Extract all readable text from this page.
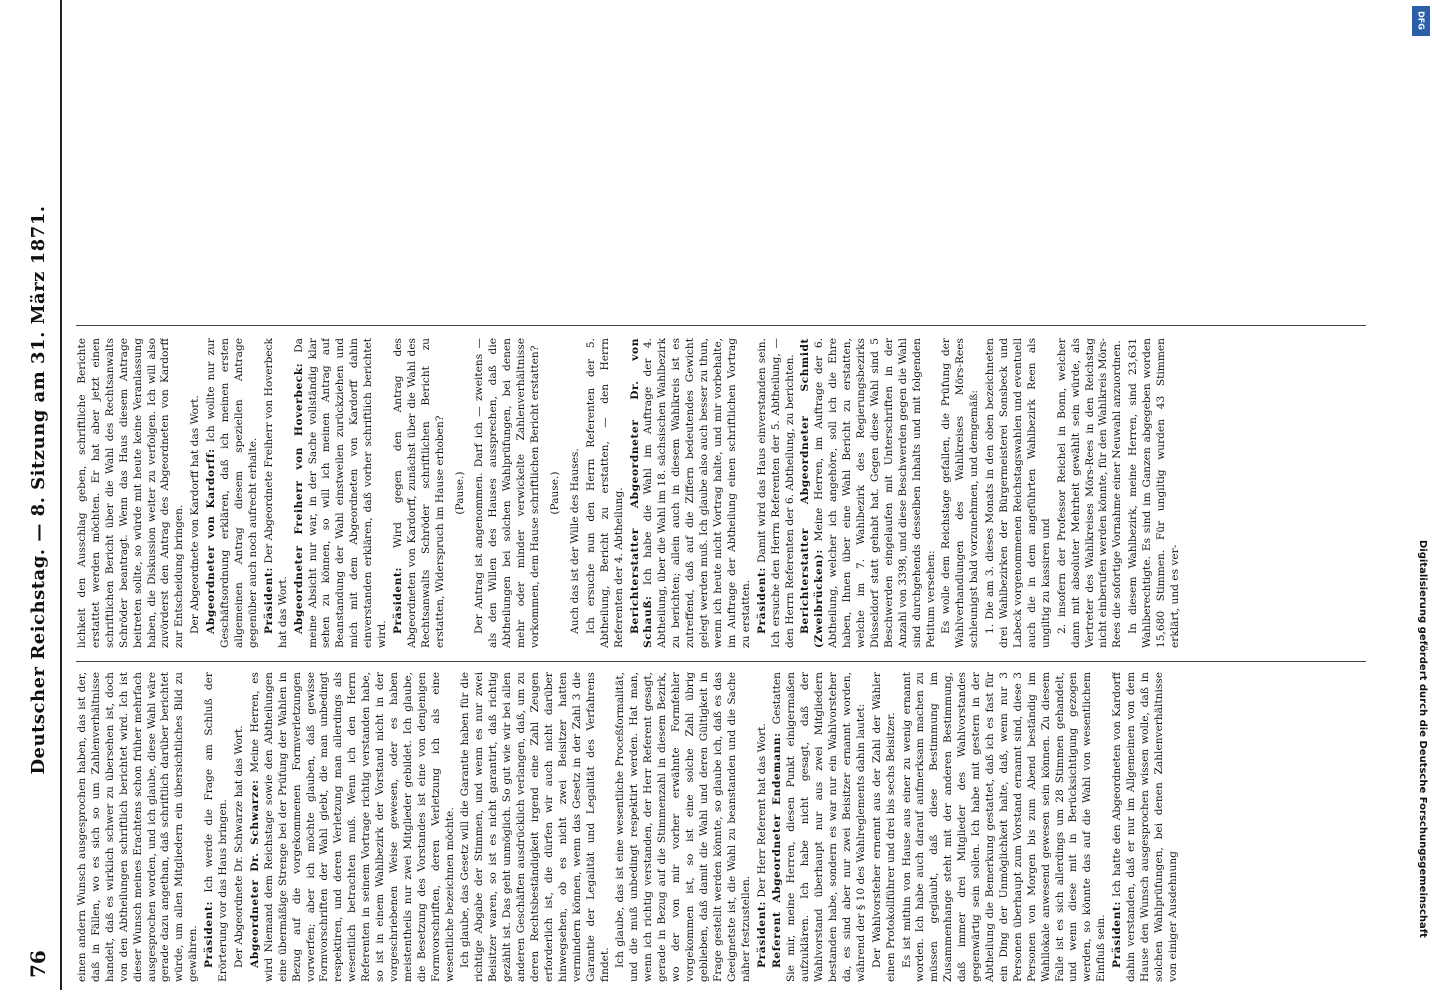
76
Deutscher Reichstag. — 8. Sitzung am 31. März 1871.

einen andern Wunsch ausgesprochen haben, das ist der, daß in Fällen, wo es sich so um Zahlenverhältnisse handelt, daß es wirklich schwer zu übersehen ist, doch von den Abtheilungen schriftlich berichtet wird. Ich ist dieser Wunsch meines Erachtens schon früher mehrfach ausgesprochen worden, und ich glaube, diese Wahl wäre gerade dazu angethan, daß schriftlich darüber berichtet würde, um allen Mitgliedern ein übersichtliches Bild zu gewähren. Präsident: Ich werde die Frage am Schluß der Erörterung vor das Haus bringen. Der Abgeordnete Dr. Schwarze hat das Wort. Abgeordneter Dr. Schwarze: Meine Herren, es wird Niemand dem Reichstage sowie den Abtheilungen eine übermäßige Strenge bei der Prüfung der Wahlen in Bezug auf die vorgekommenen Formverletzungen vorwerfen; aber ich möchte glauben, daß gewisse Formvorschriften der Wahl giebt, die man unbedingt respektiren, und deren Verletzung man allerdings als wesentlich betrachten muß. Wenn ich den Herrn Referenten in seinem Vortrage richtig verstanden habe, so ist in einem Wahlbezirk der Vorstand nicht in der vorgeschriebenen Weise gewesen, oder es haben meistentheils nur zwei Mitglieder gebildet. Ich glaube, die Besetzung des Vorstandes ist eine von denjenigen Formvorschriften, deren Verletzung ich als eine wesentliche bezeichnen möchte. Ich glaube, das Gesetz will die Garantie haben für die richtige Abgabe der Stimmen, und wenn es nur zwei Beisitzer waren, so ist es nicht garantirt, daß richtig gezählt ist. Das geht unmöglich. So gut wie wir bei allen anderen Geschäften ausdrücklich verlangen, daß, um zu deren Rechtsbeständigkeit irgend eine Zahl Zeugen erforderlich ist, die dürfen wir auch nicht darüber hinwegsehen, ob es nicht zwei Beisitzer hatten vermindern können, wenn das Gesetz in der Zahl 3 die Garantie der Legalität und Legalität des Verfahrens findet. Ich glaube, das ist eine wesentliche Proceßformalität, und die muß unbedingt respektirt werden. Hat man, wenn ich richtig verstanden, der Herr Referent gesagt, gerade in Bezug auf die Stimmenzahl in diesem Bezirk, wo der von mir vorher erwähnte Formfehler vorgekommen ist, so ist eine solche Zahl übrig geblieben, daß damit die Wahl und deren Gültigkeit in Frage gestellt werden könnte, so glaube ich, daß es das Geeignetste ist, die Wahl zu beanstanden und die Sache näher festzustellen. Präsident: Der Herr Referent hat das Wort. Referent Abgeordneter Endemann: Gestatten Sie mir, meine Herren, diesen Punkt einigermaßen aufzuklären. Ich habe nicht gesagt, daß der Wahlvorstand überhaupt nur aus zwei Mitgliedern bestanden habe, sondern es war nur ein Wahlvorsteher da, es sind aber nur zwei Beisitzer ernannt worden, während der § 10 des Wahlreglements dahin lautet: Der Wahlvorsteher ernennt aus der Zahl der Wähler einen Protokollführer und drei bis sechs Beisitzer. Es ist mithin von Hause aus einer zu wenig ernannt worden. Ich habe auch darauf aufmerksam machen zu müssen geglaubt, daß diese Bestimmung im Zusammenhange steht mit der anderen Bestimmung, daß immer drei Mitglieder des Wahlvorstandes gegenwärtig sein sollen. Ich habe mit gestern in der Abtheilung die Bemerkung gestattet, daß ich es fast für ein Ding der Unmöglichkeit halte, daß, wenn nur 3 Personen überhaupt zum Vorstand ernannt sind, diese 3 Personen von Morgen bis zum Abend beständig im Wahllokale anwesend gewesen sein können. Zu diesem Falle ist es sich allerdings um 28 Stimmen gehandelt, und wenn diese mit in Berücksichtigung gezogen werden, so könnte das auf die Wahl von wesentlichem Einfluß sein. Präsident: Ich hatte den Abgeordneten von Kardorff dahin verstanden, daß er nur im Allgemeinen von dem Hause den Wunsch ausgesprochen wissen wolle, daß in solchen Wahlprüfungen, bei denen Zahlenverhältnisse von einiger Ausdehnung

lichkeit den Ausschlag geben, schriftliche Berichte erstattet werden möchten. Er hat aber jetzt einen schriftlichen Bericht über die Wahl des Rechtsanwalts Schröder beantragt. Wenn das Haus diesem Antrage beitreten sollte, so würde mit heute keine Veranlassung haben, die Diskussion weiter zu verfolgen. Ich will also zuvörderst den Antrag des Abgeordneten von Kardorff zur Entscheidung bringen. Der Abgeordnete von Kardorff hat das Wort. Abgeordneter von Kardorff: Ich wollte nur zur Geschäftsordnung erklären, daß ich meinen ersten allgemeinen Antrag diesem speziellen Antrage gegenüber auch noch aufrecht erhalte. Präsident: Der Abgeordnete Freiherr von Hoverbeck hat das Wort. Abgeordneter Freiherr von Hoverbeck: Da meine Absicht nur war, in der Sache vollständig klar sehen zu können, so will ich meinen Antrag auf Beanstandung der Wahl einstweilen zurückziehen und mich mit dem Abgeordneten von Kardorff dahin einverstanden erklären, daß vorher schriftlich berichtet wird.

Präsident: Wird gegen den Antrag des Abgeordneten von Kardorff, zunächst über die Wahl des Rechtsanwalts Schröder schriftlichen Bericht zu erstatten, Widerspruch im Hause erhoben? (Pause.) Der Antrag ist angenommen. Darf ich — zweitens — als den Willen des Hauses aussprechen, daß die Abtheilungen bei solchen Wahlprüfungen, bei denen mehr oder minder verwickelte Zahlenverhältnisse vorkommen, dem Hause schriftlichen Bericht erstatten? (Pause.) Auch das ist der Wille des Hauses. Ich ersuche nun den Herrn Referenten der 5. Abtheilung, Bericht zu erstatten, — den Herrn Referenten der 4. Abtheilung. Berichterstatter Abgeordneter Dr. von Schauß: Ich habe die Wahl im Auftrage der 4. Abtheilung, über die Wahl im 18. sächsischen Wahlbezirk zu berichten; allein auch in diesem Wahlkreis ist es zutreffend, daß auf die Ziffern bedeutendes Gewicht gelegt werden muß. Ich glaube also auch besser zu thun, wenn ich heute nicht Vortrag halte, und mir vorbehalte, im Auftrage der Abtheilung einen schriftlichen Vortrag zu erstatten. Präsident: Damit wird das Haus einverstanden sein. Ich ersuche den Herrn Referenten der 5. Abtheilung, — den Herrn Referenten der 6. Abtheilung, zu berichten. Berichterstatter Abgeordneter Schmidt (Zweibrücken): Meine Herren, im Auftrage der 6. Abtheilung, welcher ich angehöre, soll ich die Ehre haben, Ihnen über eine Wahl Bericht zu erstatten, welche im 7. Wahlbezirk des Regierungsbezirks Düsseldorf statt gehabt hat. Gegen diese Wahl sind 5 Beschwerden eingelaufen mit Unterschriften in der Anzahl von 3398, und diese Beschwerden gegen die Wahl sind durchgehends desselben Inhalts und mit folgenden Petitum versehen: Es wolle dem Reichstage gefallen, die Prüfung der Wahlverhandlungen des Wahlkreises Mörs-Rees schleunigst bald vorzunehmen, und demgemäß: 1. Die am 3. dieses Monats in den oben bezeichneten drei Wahlbezirken der Bürgermeisterei Sonsbeck und Labeck vorgenommenen Reichstagswahlen und eventuell auch die in dem angeführten Wahlbezirk Reen als ungiltig zu kassiren und 2. insofern der Professor Reichel in Bonn, welcher dann mit absoluter Mehrheit gewählt sein würde, als Vertreter des Wahlkreises Mörs-Rees in den Reichstag nicht einberufen werden könnte, für den Wahlkreis Mörs-Rees die sofortige Vornahme einer Neuwahl anzuordnen. In diesem Wahlbezirk, meine Herren, sind 23,631 Wahlberechtigte. Es sind im Ganzen abgegeben worden 15,680 Stimmen. Für ungiltig wurden 43 Stimmen erklärt, und es ver-	Digitalisierung gefördert durch die Deutsche Forschungsgemeinschaft
DFG
